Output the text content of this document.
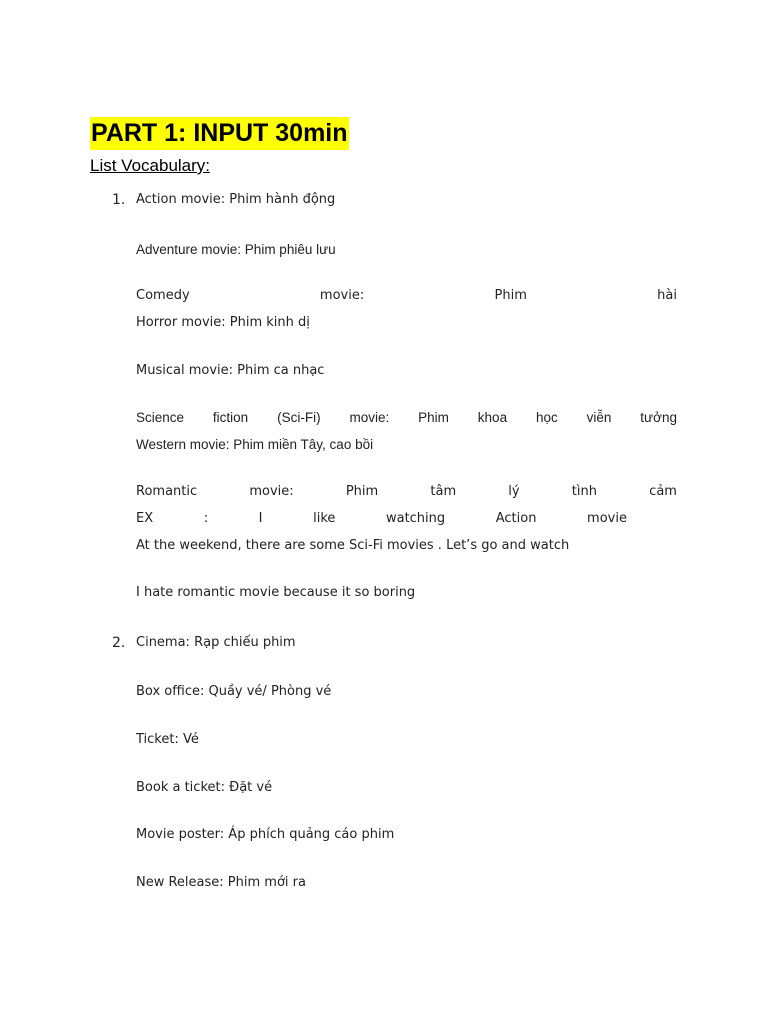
PART 1: INPUT 30min
List Vocabulary:
1. Action movie: Phim hành động
Adventure movie: Phim phiêu lưu
Comedy	movie:	Phim	hài
Horror movie: Phim kinh dị
Musical movie: Phim ca nhạc
Science fiction (Sci-Fi) movie: Phim khoa học viễn tưởng
Western movie: Phim miền Tây, cao bồi
Romantic	movie:	Phim	tâm	lý	tình	cảm
EX	:	I	like	watching	Action	movie
At the weekend, there are some Sci-Fi movies . Let’s go and watch
I hate romantic movie because it so boring
2. Cinema: Rạp chiếu phim
Box office: Quầy vé/ Phòng vé
Ticket: Vé
Book a ticket: Đặt vé
Movie poster: Áp phích quảng cáo phim
New Release: Phim mới ra
